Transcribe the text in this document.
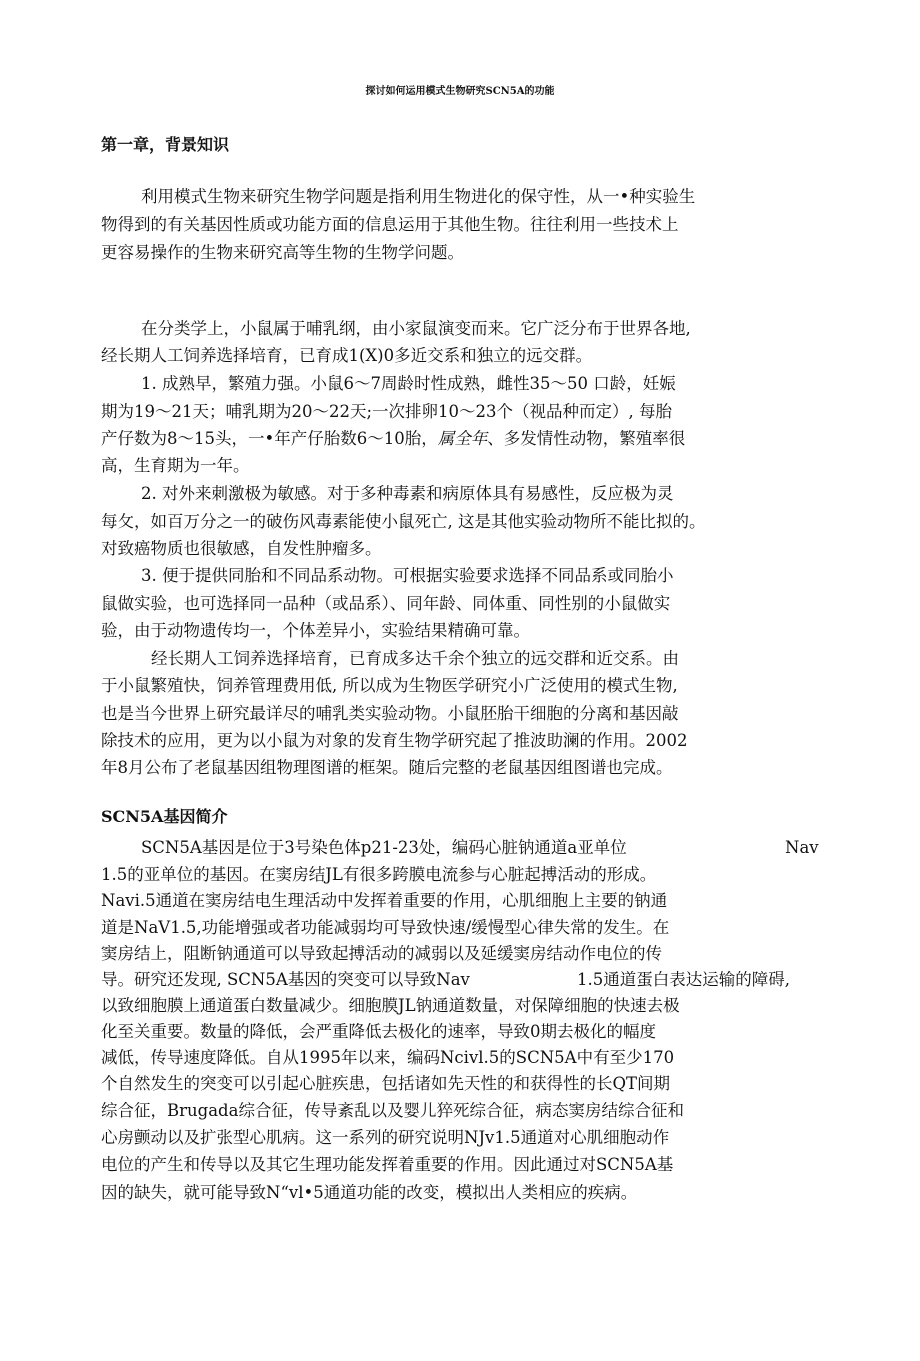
探讨如何运用模式生物研究SCN5A的功能

第一章，背景知识

利用模式生物来研究生物学问题是指利用生物进化的保守性，从一•种实验生

物得到的有关基因性质或功能方面的信息运用于其他生物。往往利用一些技术上

更容易操作的生物来研究高等生物的生物学问题。

在分类学上，小鼠属于哺乳纲，由小家鼠演变而来。它广泛分布于世界各地,

经长期人工饲养选择培育，已育成1(X)0多近交系和独立的远交群。

1. 成熟早，繁殖力强。小鼠6〜7周龄时性成熟，雌性35〜50 口龄，妊娠

期为19〜21天；哺乳期为20〜22天;一次排卵10〜23个（视品种而定）, 每胎

产仔数为8〜15头，一•年产仔胎数6〜10胎，属全年、多发情性动物，繁殖率很

高，生育期为一年。

2. 对外来刺激极为敏感。对于多种毒素和病原体具有易感性，反应极为灵

每攵，如百万分之一的破伤风毒素能使小鼠死亡, 这是其他实验动物所不能比拟的。

对致癌物质也很敏感，自发性肿瘤多。

3. 便于提供同胎和不同品系动物。可根据实验要求选择不同品系或同胎小

鼠做实验，也可选择同一品种（或品系）、同年龄、同体重、同性别的小鼠做实

验，由于动物遗传均一，个体差异小，实验结果精确可靠。

经长期人工饲养选择培育，已育成多达千余个独立的远交群和近交系。由

于小鼠繁殖快，饲养管理费用低, 所以成为生物医学研究小广泛使用的模式生物,

也是当今世界上研究最详尽的哺乳类实验动物。小鼠胚胎干细胞的分离和基因敲

除技术的应用，更为以小鼠为对象的发育生物学研究起了推波助澜的作用。2002

年8月公布了老鼠基因组物理图谱的框架。随后完整的老鼠基因组图谱也完成。

SCN5A基因简介

SCN5A基因是位于3号染色体p21-23处，编码心脏钠通道a亚单位	Nav

1.5的亚单位的基因。在窦房结JL有很多跨膜电流参与心脏起搏活动的形成。

Navi.5通道在窦房结电生理活动中发挥着重要的作用，心肌细胞上主要的钠通

道是NaV1.5,功能增强或者功能减弱均可导致快速/缓慢型心律失常的发生。在

窦房结上，阻断钠通道可以导致起搏活动的减弱以及延缓窦房结动作电位的传

导。研究还发现, SCN5A基因的突变可以导致Nav	1.5通道蛋白表达运输的障碍,

以致细胞膜上通道蛋白数量减少。细胞膜JL钠通道数量，对保障细胞的快速去极

化至关重要。数量的降低，会严重降低去极化的速率，导致0期去极化的幅度

减低，传导速度降低。自从1995年以来，编码Ncivl.5的SCN5A中有至少170

个自然发生的突变可以引起心脏疾患，包括诸如先天性的和获得性的长QT间期

综合征，Brugada综合征，传导紊乱以及婴儿猝死综合征，病态窦房结综合征和

心房颤动以及扩张型心肌病。这一系列的研究说明NJv1.5通道对心肌细胞动作

电位的产生和传导以及其它生理功能发挥着重要的作用。因此通过对SCN5A基

因的缺失，就可能导致N“vl•5通道功能的改变，模拟出人类相应的疾病。
